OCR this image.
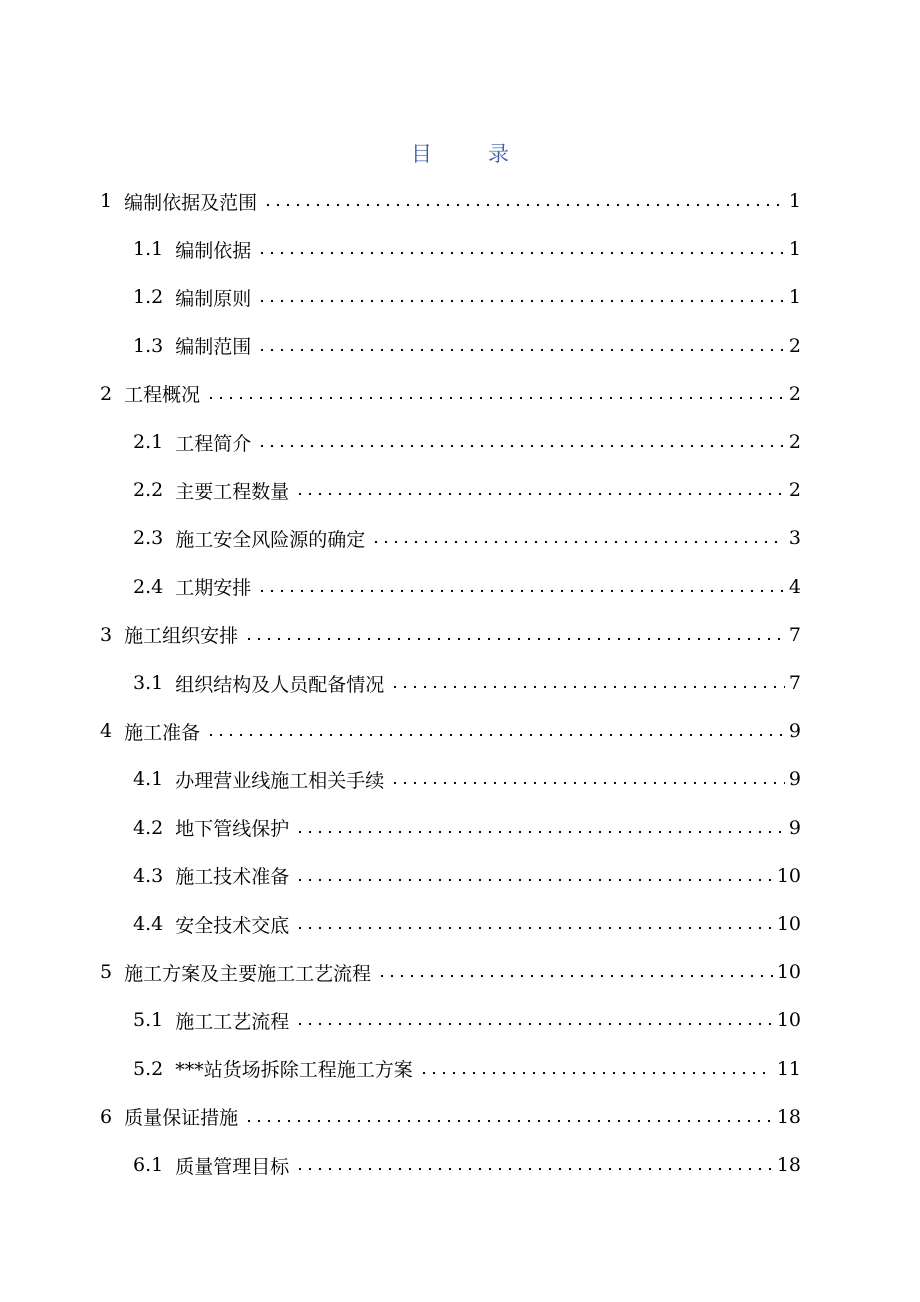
目	录
1 编制依据及范围	1
1.1 编制依据	1
1.2 编制原则	1
1.3 编制范围	2
2 工程概况	2
2.1 工程简介	2
2.2 主要工程数量	2
2.3 施工安全风险源的确定	3
2.4 工期安排	4
3 施工组织安排	7
3.1 组织结构及人员配备情况	7
4 施工准备	9
4.1 办理营业线施工相关手续	9
4.2 地下管线保护	9
4.3 施工技术准备	10
4.4 安全技术交底	10
5 施工方案及主要施工工艺流程	10
5.1 施工工艺流程	10
5.2 ***站货场拆除工程施工方案	11
6 质量保证措施	18
6.1 质量管理目标	18
